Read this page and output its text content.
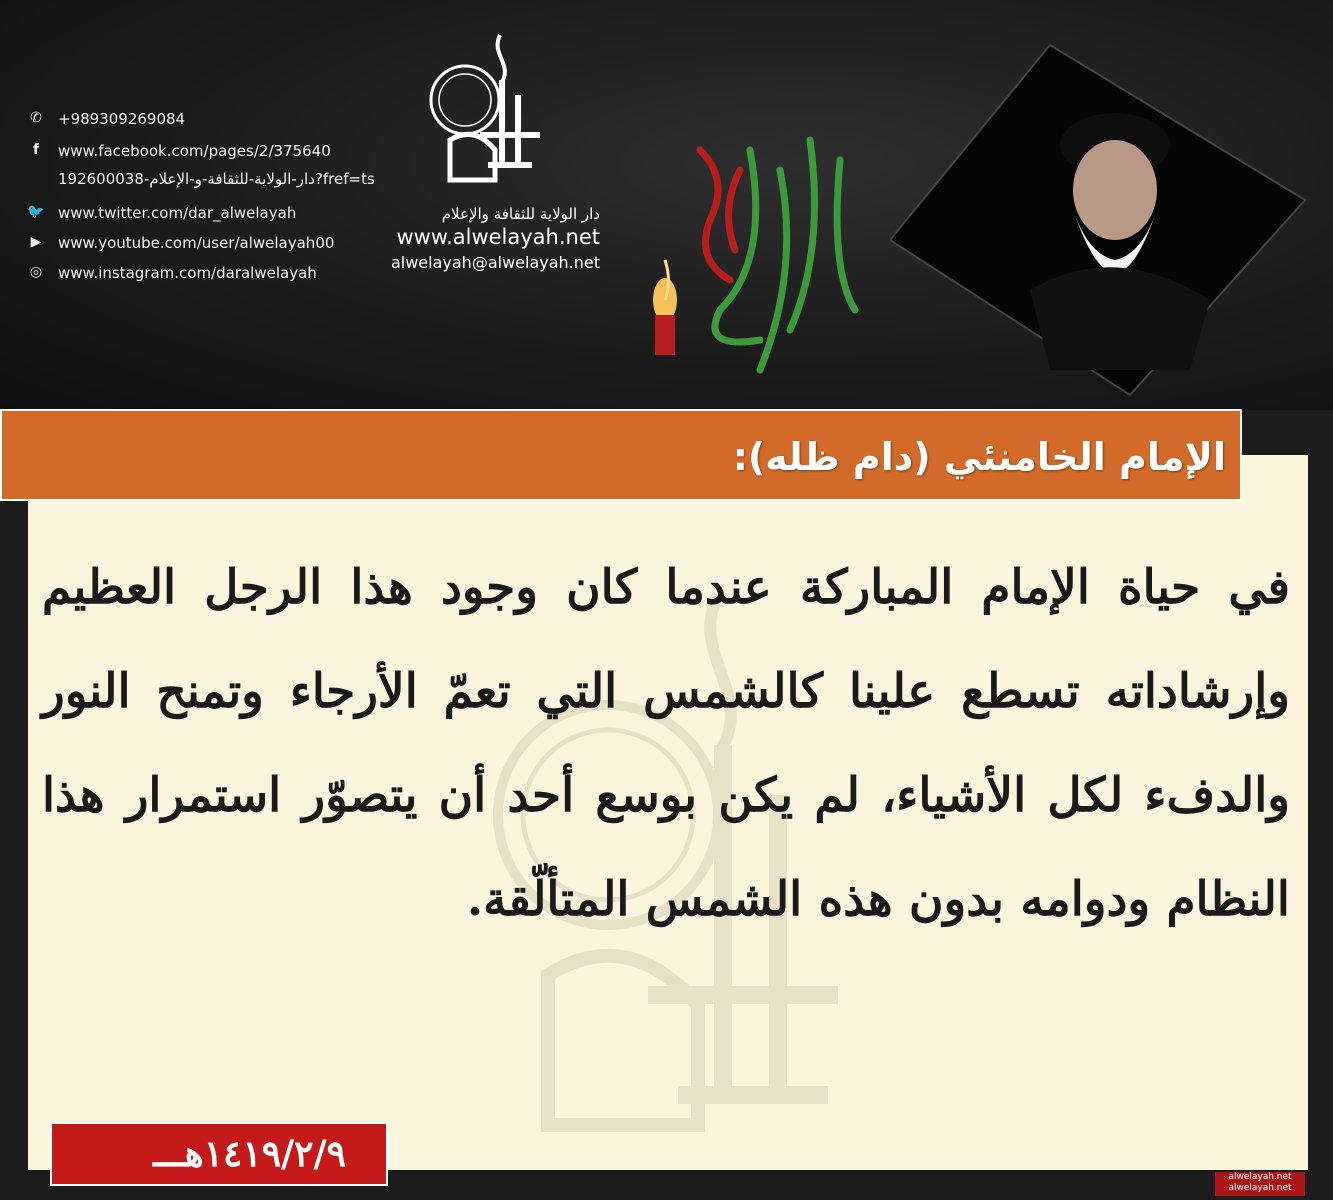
✆	+989309269084
f	www.facebook.com/pages/2/375640
192600038-دار-الولاية-للثقافة-و-الإعلام?fref=ts
🐦 www.twitter.com/dar_alwelayah
▶	www.youtube.com/user/alwelayah00
◎	www.instagram.com/daralwelayah
دار الولاية للثقافة والإعلام
www.alwelayah.net
alwelayah@alwelayah.net
الإمام الخامنئي (دام ظله):
في حياة الإمام المباركة عندما كان وجود هذا الرجل العظيم وإرشاداته تسطع علينا كالشمس التي تعمّ الأرجاء وتمنح النور والدفء لكل الأشياء، لم يكن بوسع أحد أن يتصوّر استمرار هذا النظام ودوامه بدون هذه الشمس المتألّقة.
١٤١٩/٢/٩هـــ
alwelayah.net
alwelayah.net
